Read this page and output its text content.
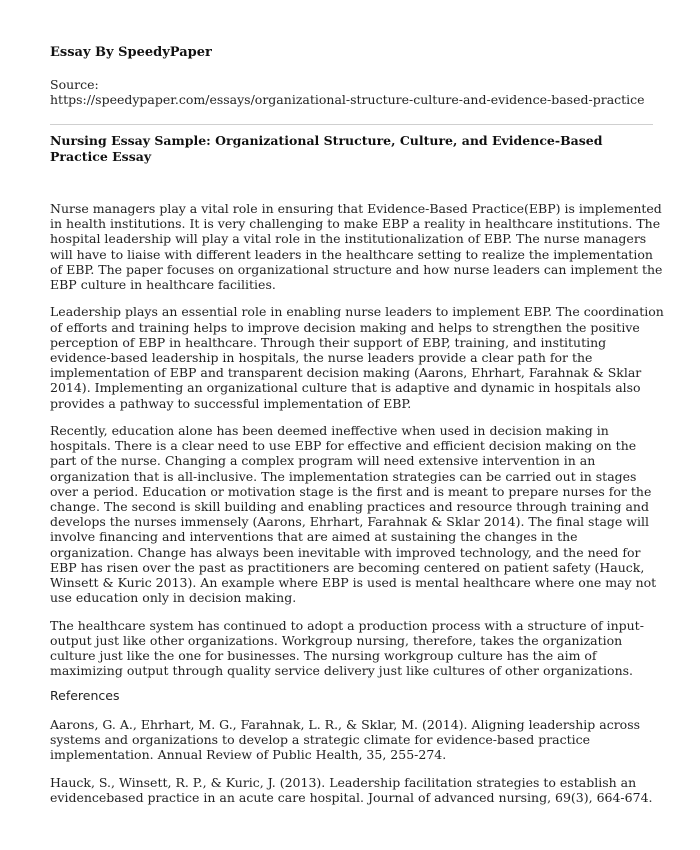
Essay By SpeedyPaper
Source:
https://speedypaper.com/essays/organizational-structure-culture-and-evidence-based-practice
Nursing Essay Sample: Organizational Structure, Culture, and Evidence-Based Practice Essay

Nurse managers play a vital role in ensuring that Evidence-Based Practice(EBP) is implemented in health institutions. It is very challenging to make EBP a reality in healthcare institutions. The hospital leadership will play a vital role in the institutionalization of EBP. The nurse managers will have to liaise with different leaders in the healthcare setting to realize the implementation of EBP. The paper focuses on organizational structure and how nurse leaders can implement the EBP culture in healthcare facilities.

Leadership plays an essential role in enabling nurse leaders to implement EBP. The coordination of efforts and training helps to improve decision making and helps to strengthen the positive perception of EBP in healthcare. Through their support of EBP, training, and instituting evidence-based leadership in hospitals, the nurse leaders provide a clear path for the implementation of EBP and transparent decision making (Aarons, Ehrhart, Farahnak & Sklar 2014). Implementing an organizational culture that is adaptive and dynamic in hospitals also provides a pathway to successful implementation of EBP.

Recently, education alone has been deemed ineffective when used in decision making in hospitals. There is a clear need to use EBP for effective and efficient decision making on the part of the nurse. Changing a complex program will need extensive intervention in an organization that is all-inclusive. The implementation strategies can be carried out in stages over a period. Education or motivation stage is the first and is meant to prepare nurses for the change. The second is skill building and enabling practices and resource through training and develops the nurses immensely (Aarons, Ehrhart, Farahnak & Sklar 2014). The final stage will involve financing and interventions that are aimed at sustaining the changes in the organization. Change has always been inevitable with improved technology, and the need for EBP has risen over the past as practitioners are becoming centered on patient safety (Hauck, Winsett & Kuric 2013). An example where EBP is used is mental healthcare where one may not use education only in decision making.

The healthcare system has continued to adopt a production process with a structure of input-output just like other organizations. Workgroup nursing, therefore, takes the organization culture just like the one for businesses. The nursing workgroup culture has the aim of maximizing output through quality service delivery just like cultures of other organizations.

References

Aarons, G. A., Ehrhart, M. G., Farahnak, L. R., & Sklar, M. (2014). Aligning leadership across systems and organizations to develop a strategic climate for evidence-based practice implementation. Annual Review of Public Health, 35, 255-274.

Hauck, S., Winsett, R. P., & Kuric, J. (2013). Leadership facilitation strategies to establish an evidencebased practice in an acute care hospital. Journal of advanced nursing, 69(3), 664-674.
